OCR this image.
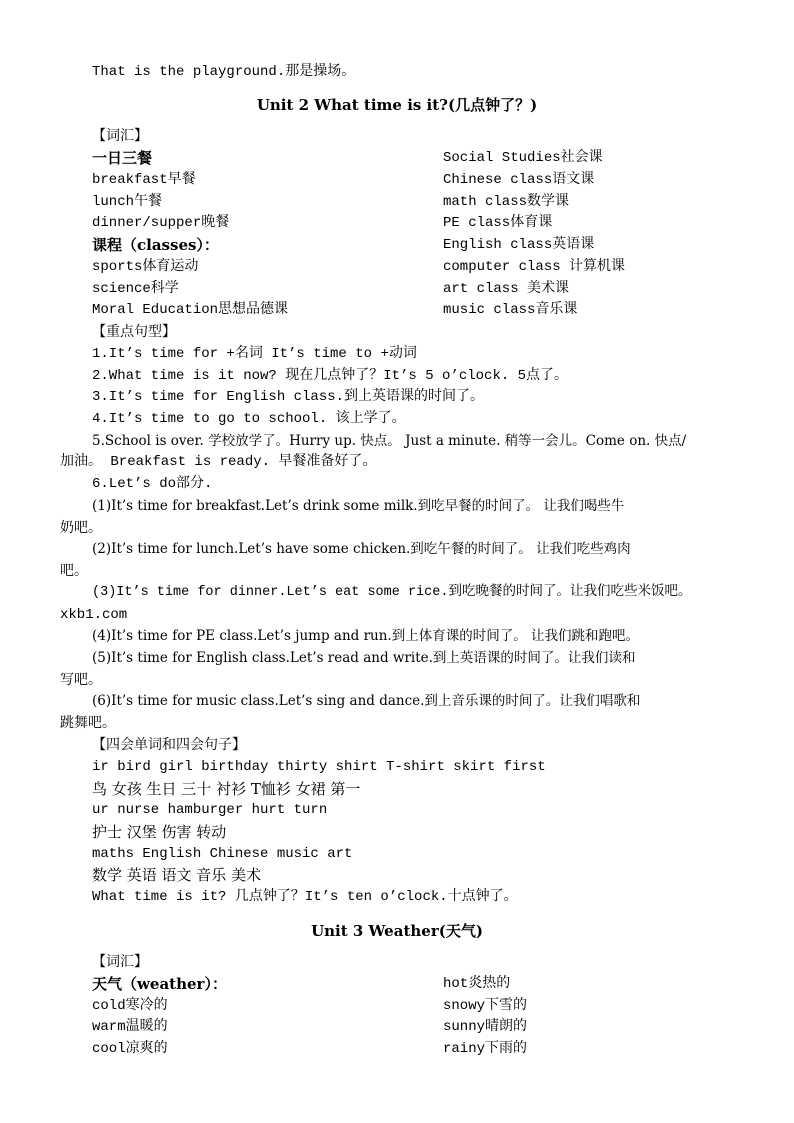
That is the playground.那是操场。
Unit 2 What time is it?(几点钟了？)
【词汇】
一日三餐
breakfast早餐
lunch午餐
dinner/supper晚餐
课程（classes）：
sports体育运动
science科学
Moral Education思想品德课
Social Studies社会课
Chinese class语文课
math class数学课
PE class体育课
English class英语课
computer class 计算机课
art class 美术课
music class音乐课
【重点句型】
1.It’s time for +名词 It’s time to +动词
2.What time is it now? 现在几点钟了？It’s 5 o’clock. 5点了。
3.It’s time for English class.到上英语课的时间了。
4.It’s time to go to school. 该上学了。
5.School is over. 学校放学了。Hurry up. 快点。 Just a minute. 稍等一会儿。Come on. 快点/
加油。 Breakfast is ready. 早餐准备好了。
6.Let’s do部分.
(1)It’s time for breakfast.Let’s drink some milk.到吃早餐的时间了。 让我们喝些牛
奶吧。
(2)It’s time for lunch.Let’s have some chicken.到吃午餐的时间了。 让我们吃些鸡肉
吧。
(3)It’s time for dinner.Let’s eat some rice.到吃晚餐的时间了。让我们吃些米饭吧。
xkb1.com
(4)It’s time for PE class.Let’s jump and run.到上体育课的时间了。 让我们跳和跑吧。
(5)It’s time for English class.Let’s read and write.到上英语课的时间了。让我们读和
写吧。
(6)It’s time for music class.Let’s sing and dance.到上音乐课的时间了。让我们唱歌和
跳舞吧。
【四会单词和四会句子】
ir bird girl birthday thirty shirt T-shirt skirt first
鸟 女孩 生日 三十 衬衫 T恤衫 女裙 第一
ur nurse hamburger hurt turn
护士 汉堡 伤害 转动
maths English Chinese music art
数学 英语 语文 音乐 美术
What time is it? 几点钟了？It’s ten o’clock.十点钟了。
Unit 3 Weather(天气)
【词汇】
天气（weather）：
cold寒冷的
warm温暖的
cool凉爽的
hot炎热的
snowy下雪的
sunny晴朗的
rainy下雨的
